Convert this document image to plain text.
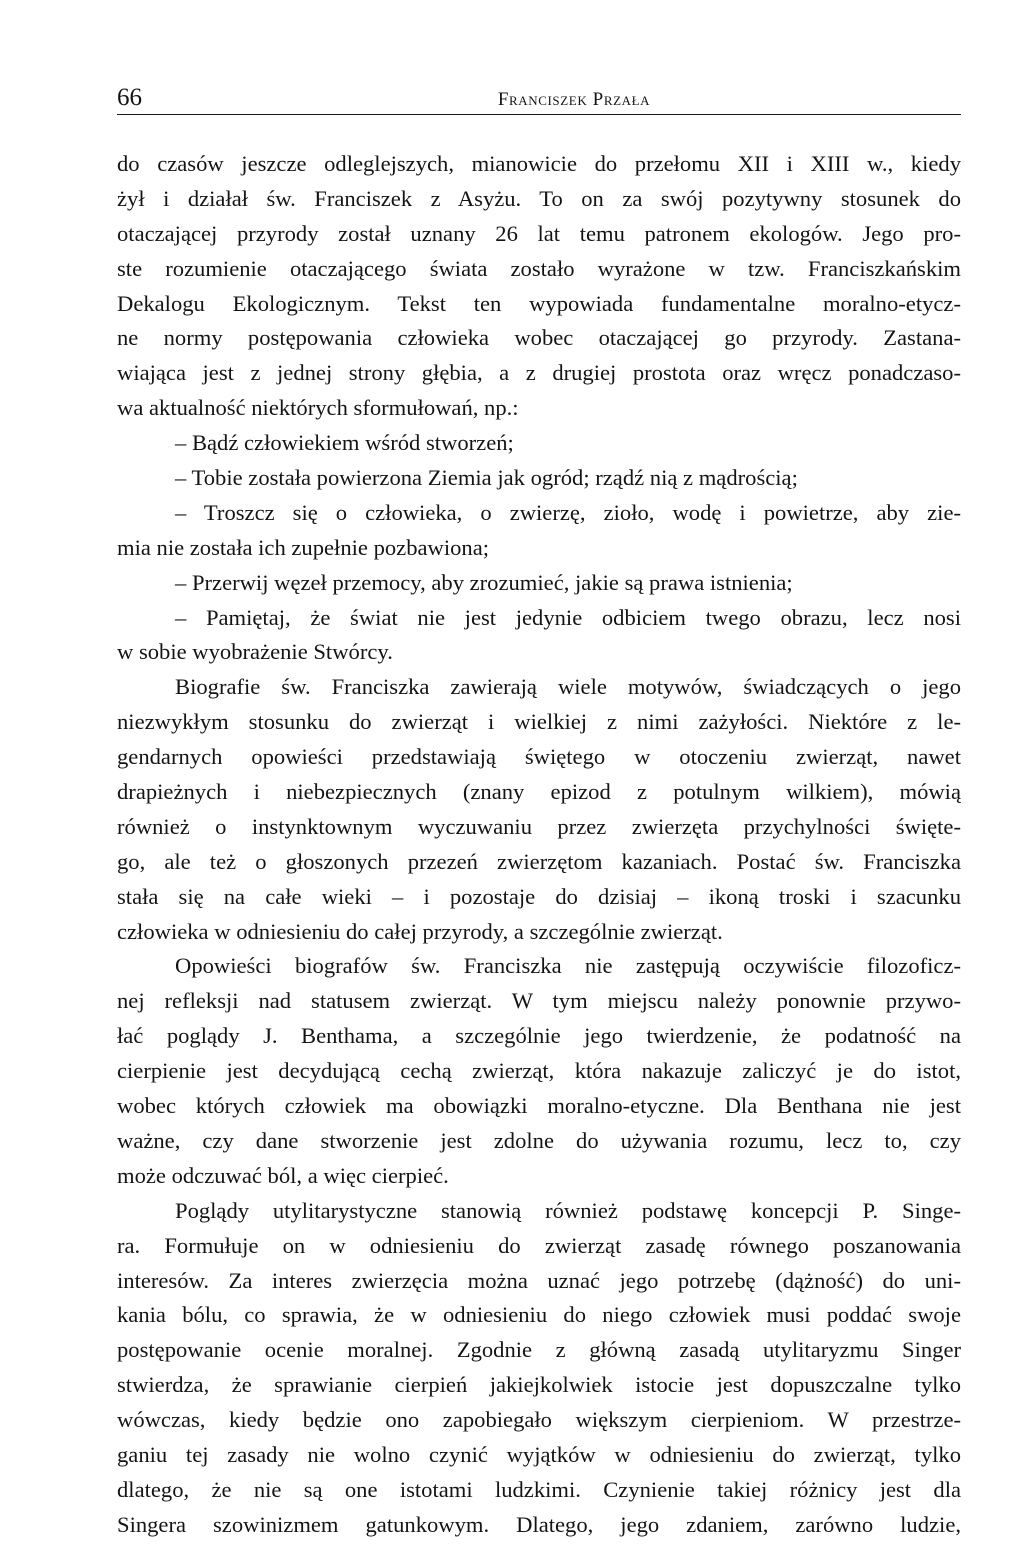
66	Franciszek Przała
do czasów jeszcze odleglejszych, mianowicie do przełomu XII i XIII w., kiedy
żył i działał św. Franciszek z Asyżu. To on za swój pozytywny stosunek do
otaczającej przyrody został uznany 26 lat temu patronem ekologów. Jego pro-
ste rozumienie otaczającego świata zostało wyrażone w tzw. Franciszkańskim
Dekalogu Ekologicznym. Tekst ten wypowiada fundamentalne moralno-etycz-
ne normy postępowania człowieka wobec otaczającej go przyrody. Zastana-
wiająca jest z jednej strony głębia, a z drugiej prostota oraz wręcz ponadczaso-
wa aktualność niektórych sformułowań, np.:
– Bądź człowiekiem wśród stworzeń;
– Tobie została powierzona Ziemia jak ogród; rządź nią z mądrością;
– Troszcz się o człowieka, o zwierzę, zioło, wodę i powietrze, aby zie-
mia nie została ich zupełnie pozbawiona;
– Przerwij węzeł przemocy, aby zrozumieć, jakie są prawa istnienia;
– Pamiętaj, że świat nie jest jedynie odbiciem twego obrazu, lecz nosi
w sobie wyobrażenie Stwórcy.
Biografie św. Franciszka zawierają wiele motywów, świadczących o jego
niezwykłym stosunku do zwierząt i wielkiej z nimi zażyłości. Niektóre z le-
gendarnych opowieści przedstawiają świętego w otoczeniu zwierząt, nawet
drapieżnych i niebezpiecznych (znany epizod z potulnym wilkiem), mówią
również o instynktownym wyczuwaniu przez zwierzęta przychylności święte-
go, ale też o głoszonych przezeń zwierzętom kazaniach. Postać św. Franciszka
stała się na całe wieki – i pozostaje do dzisiaj – ikoną troski i szacunku
człowieka w odniesieniu do całej przyrody, a szczególnie zwierząt.
Opowieści biografów św. Franciszka nie zastępują oczywiście filozoficz-
nej refleksji nad statusem zwierząt. W tym miejscu należy ponownie przywo-
łać poglądy J. Benthama, a szczególnie jego twierdzenie, że podatność na
cierpienie jest decydującą cechą zwierząt, która nakazuje zaliczyć je do istot,
wobec których człowiek ma obowiązki moralno-etyczne. Dla Benthana nie jest
ważne, czy dane stworzenie jest zdolne do używania rozumu, lecz to, czy
może odczuwać ból, a więc cierpieć.
Poglądy utylitarystyczne stanowią również podstawę koncepcji P. Singe-
ra. Formułuje on w odniesieniu do zwierząt zasadę równego poszanowania
interesów. Za interes zwierzęcia można uznać jego potrzebę (dążność) do uni-
kania bólu, co sprawia, że w odniesieniu do niego człowiek musi poddać swoje
postępowanie ocenie moralnej. Zgodnie z główną zasadą utylitaryzmu Singer
stwierdza, że sprawianie cierpień jakiejkolwiek istocie jest dopuszczalne tylko
wówczas, kiedy będzie ono zapobiegało większym cierpieniom. W przestrze-
ganiu tej zasady nie wolno czynić wyjątków w odniesieniu do zwierząt, tylko
dlatego, że nie są one istotami ludzkimi. Czynienie takiej różnicy jest dla
Singera szowinizmem gatunkowym. Dlatego, jego zdaniem, zarówno ludzie,
